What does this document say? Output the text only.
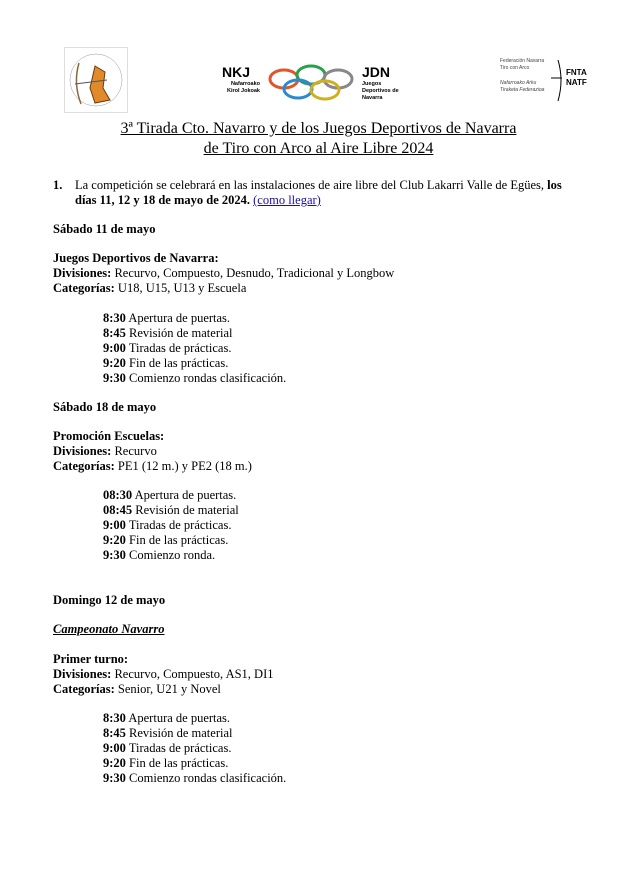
NKJ
Nafarroako Kirol Jokoak
JDN
Juegos Deportivos de Navarra
Federación Navarra Tiro con Arco
Nafarroako Arku Tiraketa Federazioa
FNTA NATF
3ª Tirada Cto. Navarro y de los Juegos Deportivos de Navarra
de Tiro con Arco al Aire Libre 2024
1. La competición se celebrará en las instalaciones de aire libre del Club Lakarri Valle de Egües, los
días 11, 12 y 18 de mayo de 2024. (como llegar)
Sábado 11 de mayo
Juegos Deportivos de Navarra:
Divisiones: Recurvo, Compuesto, Desnudo, Tradicional y Longbow
Categorías: U18, U15, U13 y Escuela
8:30 Apertura de puertas.
8:45 Revisión de material
9:00 Tiradas de prácticas.
9:20 Fin de las prácticas.
9:30 Comienzo rondas clasificación.
Sábado 18 de mayo
Promoción Escuelas:
Divisiones: Recurvo
Categorías: PE1 (12 m.) y PE2 (18 m.)
08:30 Apertura de puertas.
08:45 Revisión de material
9:00 Tiradas de prácticas.
9:20 Fin de las prácticas.
9:30 Comienzo ronda.
Domingo 12 de mayo
Campeonato Navarro
Primer turno:
Divisiones: Recurvo, Compuesto, AS1, DI1
Categorías: Senior, U21 y Novel
8:30 Apertura de puertas.
8:45 Revisión de material
9:00 Tiradas de prácticas.
9:20 Fin de las prácticas.
9:30 Comienzo rondas clasificación.
